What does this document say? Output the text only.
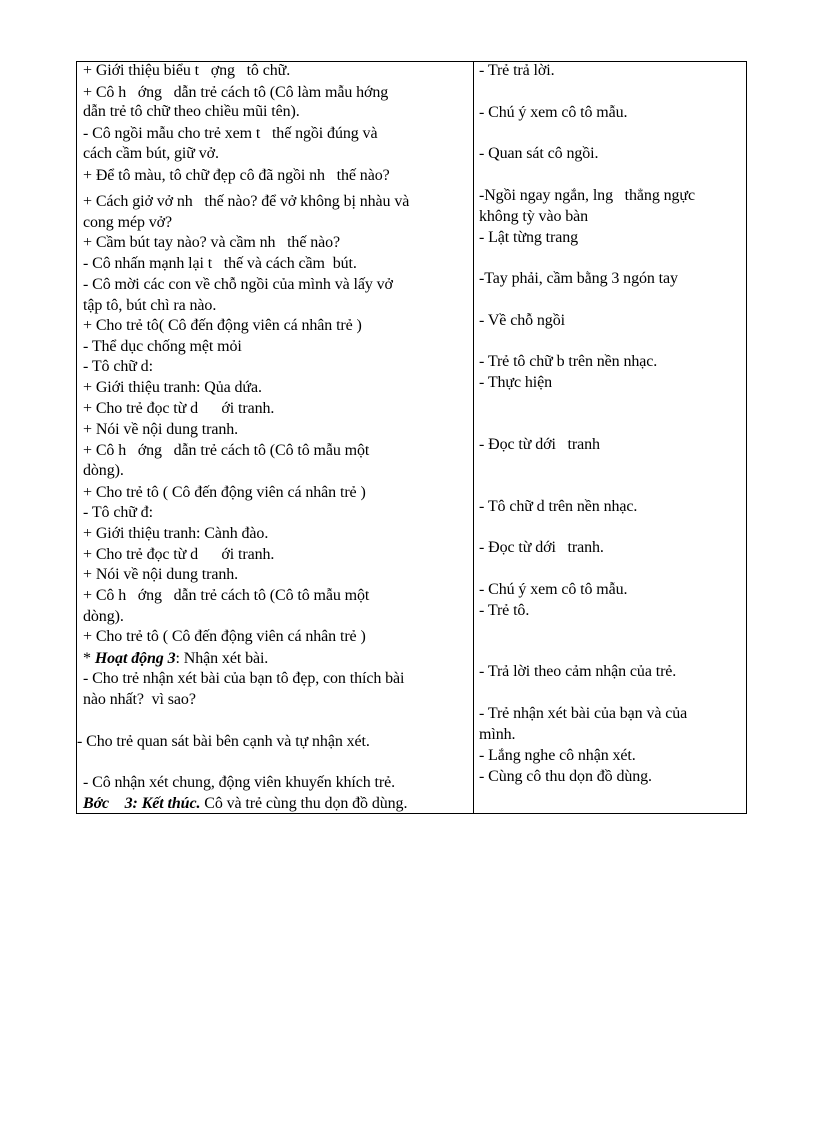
+ Giới thiệu biểu t   ợng   tô chữ.
+ Cô h   ớng   dẫn trẻ cách tô (Cô làm mẫu hớng
dẫn trẻ tô chữ theo chiều mũi tên).
- Cô ngồi mẫu cho trẻ xem t   thế ngồi đúng và
cách cầm bút, giữ vở.
+ Để tô màu, tô chữ đẹp cô đã ngồi nh   thế nào?
+ Cách giở vở nh   thế nào? để vở không bị nhàu và
cong mép vở?
+ Cầm bút tay nào? và cầm nh   thế nào?
- Cô nhấn mạnh lại t   thế và cách cầm  bút.
- Cô mời các con về chỗ ngồi của mình và lấy vở
tập tô, bút chì ra nào.
+ Cho trẻ tô( Cô đến động viên cá nhân trẻ )
- Thể dục chống mệt mỏi
- Tô chữ d:
+ Giới thiệu tranh: Qủa dứa.
+ Cho trẻ đọc từ d      ới tranh.
+ Nói về nội dung tranh.
+ Cô h   ớng   dẫn trẻ cách tô (Cô tô mẫu một
dòng).
+ Cho trẻ tô ( Cô đến động viên cá nhân trẻ )
- Tô chữ đ:
+ Giới thiệu tranh: Cành đào.
+ Cho trẻ đọc từ d      ới tranh.
+ Nói về nội dung tranh.
+ Cô h   ớng   dẫn trẻ cách tô (Cô tô mẫu một
dòng).
+ Cho trẻ tô ( Cô đến động viên cá nhân trẻ )
* Hoạt động 3: Nhận xét bài.
- Cho trẻ nhận xét bài của bạn tô đẹp, con thích bài
nào nhất?  vì sao?
- Cho trẻ quan sát bài bên cạnh và tự nhận xét.
- Cô nhận xét chung, động viên khuyến khích trẻ.
Bớc    3: Kết thúc. Cô và trẻ cùng thu dọn đồ dùng.
- Trẻ trả lời.
- Chú ý xem cô tô mẫu.
- Quan sát cô ngồi.
-Ngồi ngay ngắn, lng   thẳng ngực
không tỳ vào bàn
- Lật từng trang
-Tay phải, cầm bằng 3 ngón tay
- Về chỗ ngồi
- Trẻ tô chữ b trên nền nhạc.
- Thực hiện
- Đọc từ dới   tranh
- Tô chữ d trên nền nhạc.
- Đọc từ dới   tranh.
- Chú ý xem cô tô mẫu.
- Trẻ tô.
- Trả lời theo cảm nhận của trẻ.
- Trẻ nhận xét bài của bạn và của
mình.
- Lắng nghe cô nhận xét.
- Cùng cô thu dọn đồ dùng.
